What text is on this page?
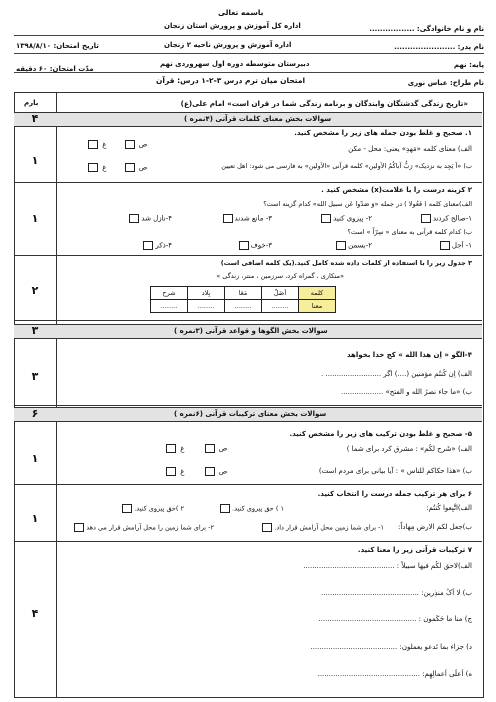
باسمه تعالی
اداره کل آموزش و پرورش استان زنجان
اداره آموزش و پرورش ناحیه ۲ زنجان
دبیرستان متوسطه دوره اول سهروردی نهم
امتحان میان ترم درس ۳-۲-۱ درس: قرآن
نام و نام خانوادگی: .................
نام پدر: .......................
پایه: نهم
نام طراح: عباس نوری
تاریخ امتحان: ۱۳۹۸/۸/۱۰
مدّت امتحان: ۶۰ دقیقه
بارم	«تاریخ زندگی گذشتگان وابندگان و برنامه زندگی شما در قران است» امام علی(ع)
۴	سوالات بخش معنای کلمات قرآنی (۴نمره )
۱
۱. صحیح و غلط بودن جمله های زیر را مشخص کنید.
الف) معنای کلمه «مَهدِ» یعنی: محل - مکن
ص  غ
ب) «آ یَجِد به نزدیک» رَبُّ آباکُمُ الاَولین» کلمه قرآنی «الاَولین» به فارسی می شود: اهل تعیین
ص  غ
۱
۲ کزینه درست را با علامت(x) مشخص کنید .
الف)معنای کلمه ( فَعُولا ) در جمله «وَ صَدّوا عَن سبیل الله» کدام گزینه است؟
۱-صالح کردند
۲- پیروی کنید
۳- مانع شدند
۴-نازل شد
ب) کدام کلمه قرآنی به معنای « سِرّاً » است؟
۱- اَجل
۲-بسمن
۳-خوف
۴-ذکر
۲
۳ جدول زیر را با استفاده از کلمات داده شده کامل کنید.(یک کلمه اضافی است)
«منکاری ، گمراه کرد، سرزمین ، منتر، زندگی »
کلمه	اَضَلّ	مَعَا	بِلاد	شرح
معنا	........	........	........	........
۳	سوالات بخش الگوها و قواعد قرآنی (۳نمره )
۳
۴-الگو « اِن هذا الله » کج خدا بخواهد
الف) اِن کُنتُم مؤمنین (....) اگر ......................... .
ب) «ما جاء نصرُ الله و الفتح» ...................
۶	سوالات بخش معنای ترکیبات قرآنی (۶نمره )
۱
۵- صحیح و غلط بودن ترکیب های زیر را مشخص کنید.
الف) «شَرح لکُم» : مشرق کرد برای شما )
ص  غ
ب) «هذا حكاكم للناس » : آیا بیانی برای مردم است)
ص  غ
۱
۶ برای هر ترکیب جمله درست را انتخاب کنید.
الف)اتَّبِعوا کُنتُم:
۱ ) حق پیروی کنید.
۲ )حق پیروی کنید.
ب)جعل لکم الارض مِهاداً:
۱- برای شما زمین محل آرامش قرار داد.
۲- برای شما زمین را محل آرامش قرار می دهد
۴
۷ ترکیبات قرآنی زیر را معنا کنید.
الف)لاحق لکُم فیها سبیلاً : .........................................
ب) لا اَکُ منذِرین: ............................................
ج) منا ما حَکَمون : ............................................
د) جزاء بما تَدعو یعملون: .......................................
ه) اَعلَی اَعمالِهِم: ..............................................
